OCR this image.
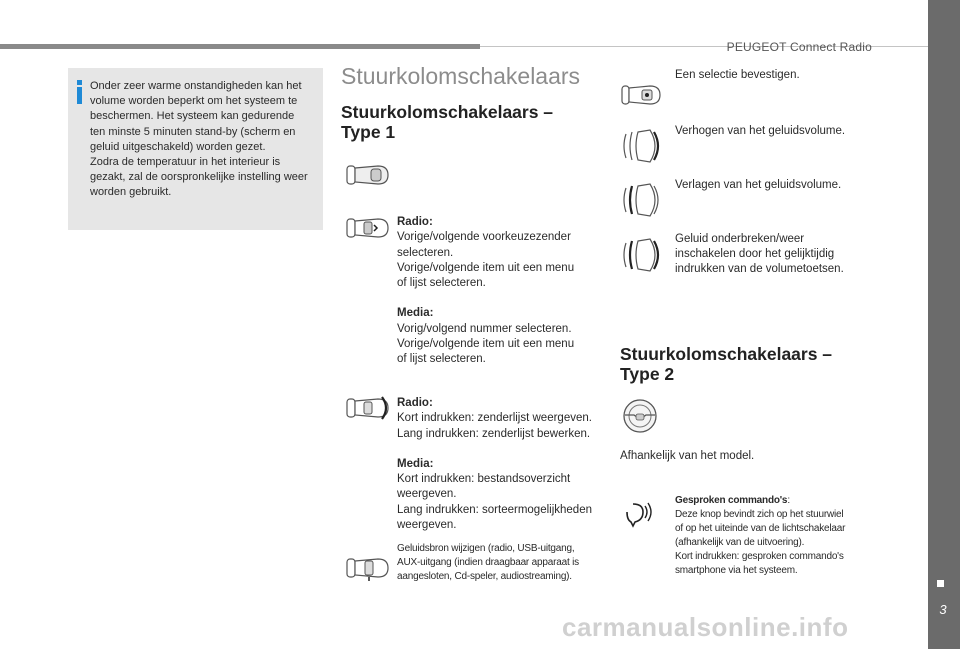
PEUGEOT Connect Radio
3
Onder zeer warme onstandigheden kan het
volume worden beperkt om het systeem te
beschermen. Het systeem kan gedurende
ten minste 5 minuten stand-by (scherm en
geluid uitgeschakeld) worden gezet.
Zodra de temperatuur in het interieur is
gezakt, zal de oorspronkelijke instelling weer
worden gebruikt.
Stuurkolomschakelaars
Stuurkolomschakelaars –
Type 1

Radio:

Vorige/volgende voorkeuzezender
selecteren.
Vorige/volgende item uit een menu
of lijst selecteren.

Media:

Vorig/volgend nummer selecteren.
Vorige/volgende item uit een menu
of lijst selecteren.

Radio:

Kort indrukken: zenderlijst weergeven.
Lang indrukken: zenderlijst bewerken.

Media:

Kort indrukken: bestandsoverzicht
weergeven.
Lang indrukken: sorteermogelijkheden
weergeven.

Geluidsbron wijzigen (radio, USB-uitgang,
AUX-uitgang (indien draagbaar apparaat is
aangesloten, Cd-speler, audiostreaming).
Een selectie bevestigen.
Verhogen van het geluidsvolume.
Verlagen van het geluidsvolume.
Geluid onderbreken/weer
inschakelen door het gelijktijdig
indrukken van de volumetoetsen.
Stuurkolomschakelaars –
Type 2
Afhankelijk van het model.

Gesproken commando's:

Deze knop bevindt zich op het stuurwiel
of op het uiteinde van de lichtschakelaar
(afhankelijk van de uitvoering).
Kort indrukken: gesproken commando's
smartphone via het systeem.

carmanualsonline.info
